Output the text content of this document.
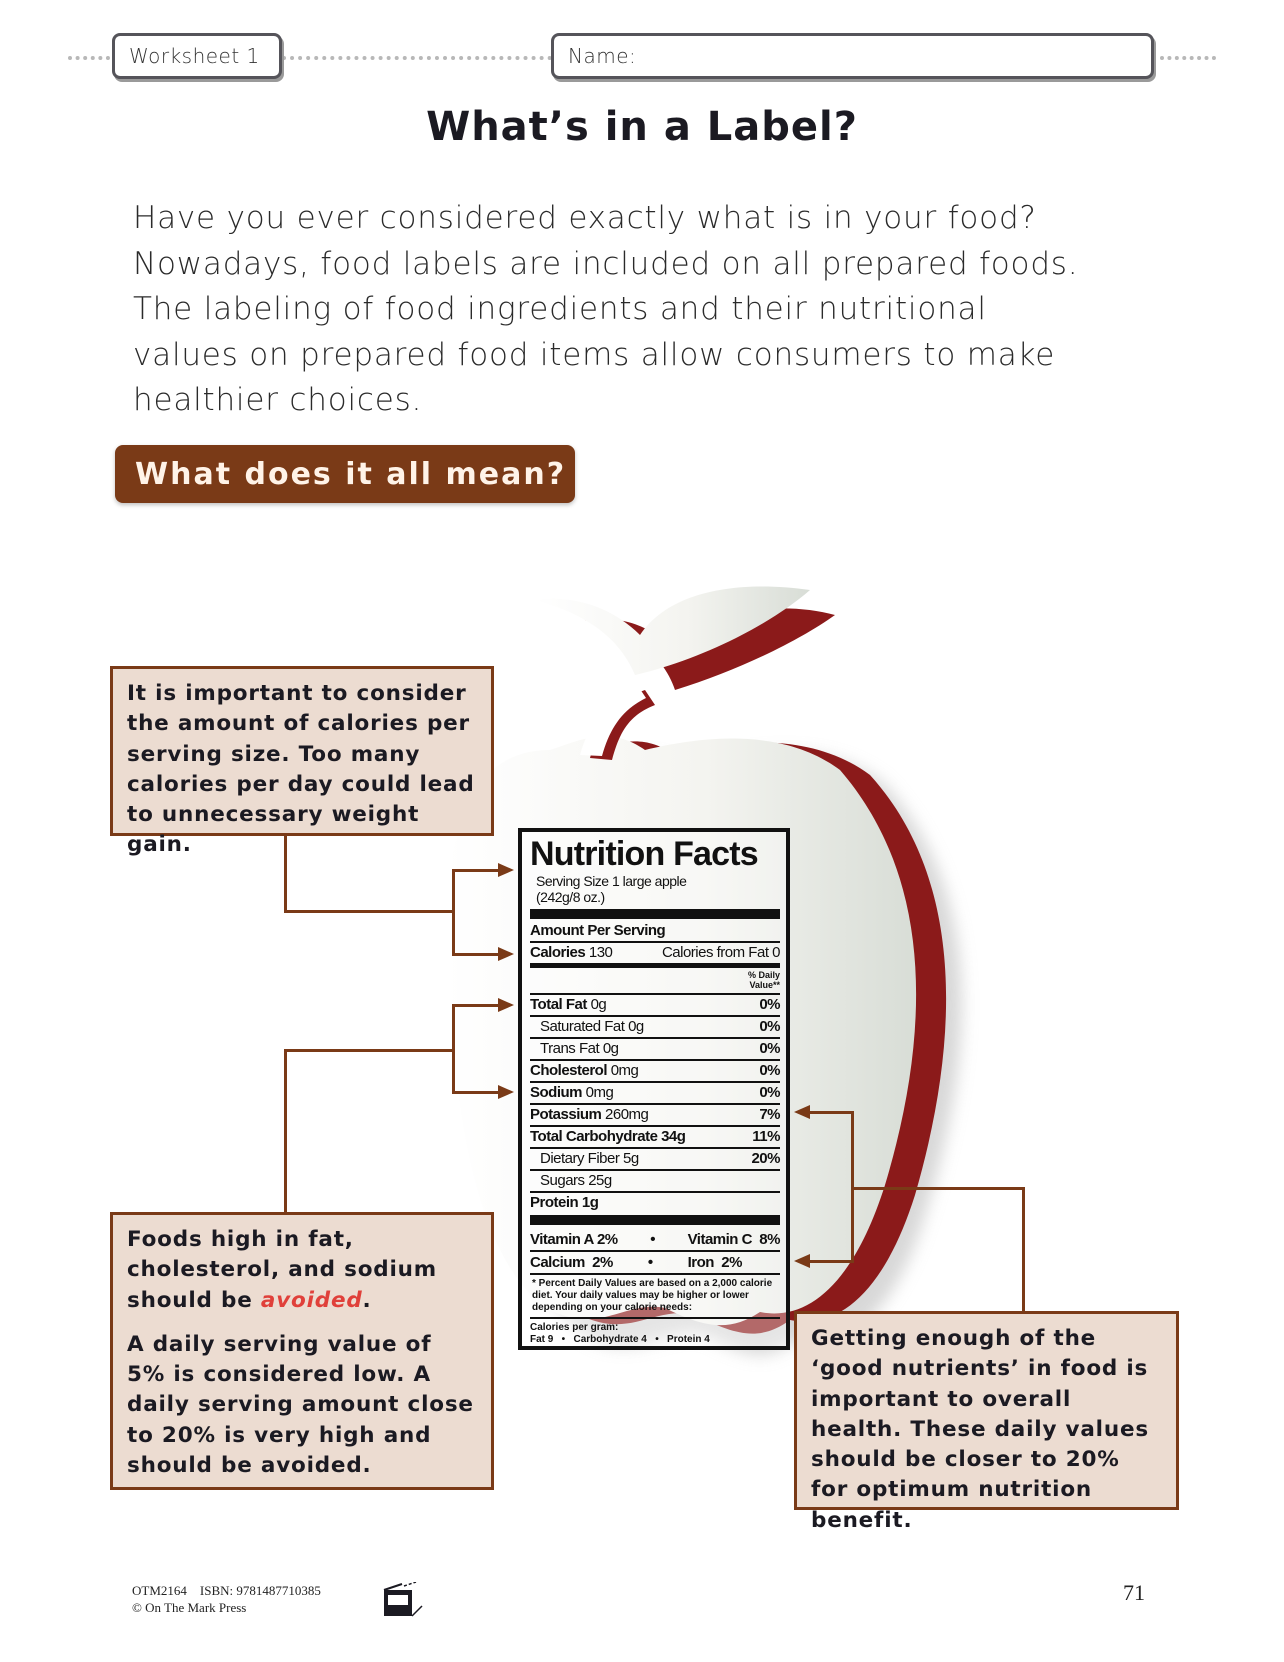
Worksheet 1	Name:
What’s in a Label?

Have you ever considered exactly what is in your food? Nowadays, food labels are included on all prepared foods. The labeling of food ingredients and their nutritional values on prepared food items allow consumers to make healthier choices.

What does it all mean?
Nutrition Facts
Serving Size 1 large apple
(242g/8 oz.)
Amount Per Serving
Calories 130	Calories from Fat 0
% Daily
Value**
Total Fat 0g	0%
Saturated Fat 0g	0%
Trans Fat 0g	0%
Cholesterol 0mg	0%
Sodium 0mg	0%
Potassium 260mg	7%
Total Carbohydrate 34g	11%
Dietary Fiber 5g	20%
Sugars 25g
Protein 1g
Vitamin A 2% • Vitamin C  8%
Calcium  2% • Iron  2%
* Percent Daily Values are based on a 2,000 calorie diet. Your daily values may be higher or lower depending on your calorie needs:
Calories per gram:
Fat 9   •   Carbohydrate 4   •   Protein 4

It is important to consider the amount of calories per serving size. Too many calories per day could lead to unnecessary weight gain.

Foods high in fat, cholesterol, and sodium should be avoided.

A daily serving value of 5% is considered low. A daily serving amount close to 20% is very high and should be avoided.

Getting enough of the ‘good nutrients’ in food is important to overall health. These daily values should be closer to 20% for optimum nutrition benefit.

OTM2164    ISBN: 9781487710385
© On The Mark Press
71
